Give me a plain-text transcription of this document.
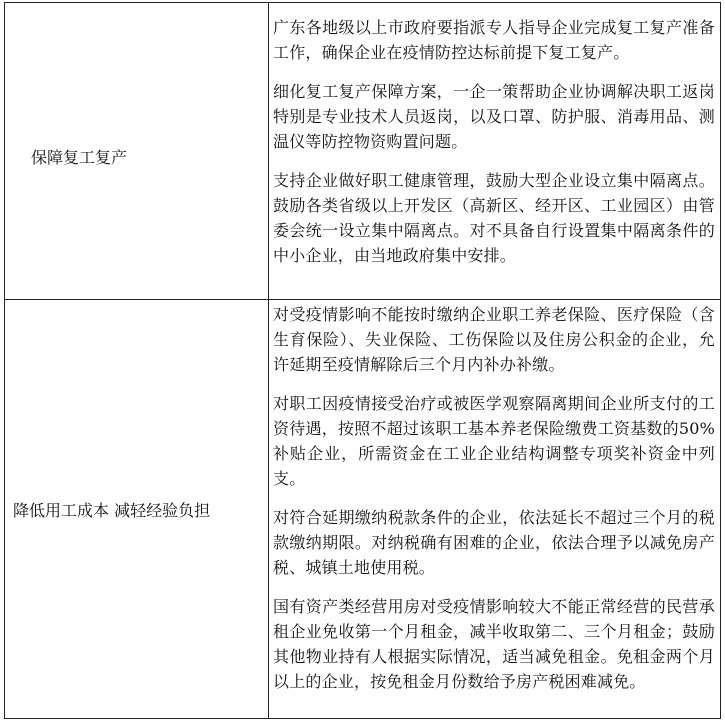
保障复工复产	广东各地级以上市政府要指派专人指导企业完成复工复产准备工作，确保企业在疫情防控达标前提下复工复产。

细化复工复产保障方案，一企一策帮助企业协调解决职工返岗特别是专业技术人员返岗，以及口罩、防护服、消毒用品、测温仪等防控物资购置问题。

支持企业做好职工健康管理，鼓励大型企业设立集中隔离点。鼓励各类省级以上开发区（高新区、经开区、工业园区）由管委会统一设立集中隔离点。对不具备自行设置集中隔离条件的中小企业，由当地政府集中安排。

降低用工成本 减轻经验负担	对受疫情影响不能按时缴纳企业职工养老保险、医疗保险（含生育保险）、失业保险、工伤保险以及住房公积金的企业，允许延期至疫情解除后三个月内补办补缴。

对职工因疫情接受治疗或被医学观察隔离期间企业所支付的工资待遇，按照不超过该职工基本养老保险缴费工资基数的50%补贴企业，所需资金在工业企业结构调整专项奖补资金中列支。

对符合延期缴纳税款条件的企业，依法延长不超过三个月的税款缴纳期限。对纳税确有困难的企业，依法合理予以减免房产税、城镇土地使用税。

国有资产类经营用房对受疫情影响较大不能正常经营的民营承租企业免收第一个月租金，减半收取第二、三个月租金；鼓励其他物业持有人根据实际情况，适当减免租金。免租金两个月以上的企业，按免租金月份数给予房产税困难减免。
